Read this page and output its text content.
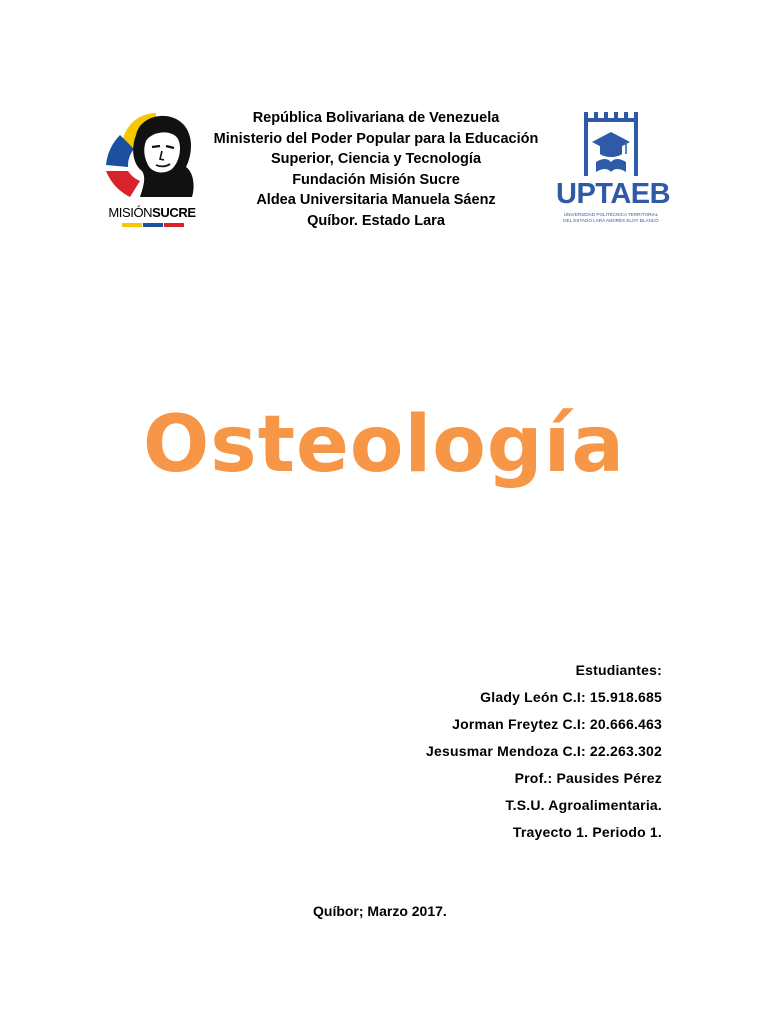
MISIÓNSUCRE
República Bolivariana de Venezuela
Ministerio del Poder Popular para la Educación
Superior, Ciencia y Tecnología
Fundación Misión Sucre
Aldea Universitaria Manuela Sáenz
Quíbor. Estado Lara
UPTAEB
UNIVERSIDAD POLITÉCNICA TERRITORIAL
DEL ESTADO LARA ANDRÉS ELOY BLANCO
Osteología
Estudiantes:
Glady León C.I: 15.918.685
Jorman Freytez C.I: 20.666.463
Jesusmar Mendoza C.I: 22.263.302
Prof.: Pausides Pérez
T.S.U. Agroalimentaria.
Trayecto 1. Periodo 1.
Quíbor; Marzo 2017.
